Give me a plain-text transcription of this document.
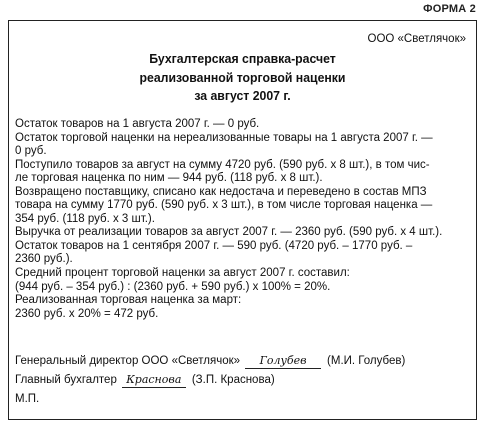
ФОРМА 2
ООО «Светлячок»
Бухгалтерская справка-расчет
реализованной торговой наценки
за август 2007 г.
Остаток товаров на 1 августа 2007 г. — 0 руб.
Остаток торговой наценки на нереализованные товары на 1 августа 2007 г. —
0 руб.
Поступило товаров за август на сумму 4720 руб. (590 руб. х 8 шт.), в том чис-
ле торговая наценка по ним — 944 руб. (118 руб. х 8 шт.).
Возвращено поставщику, списано как недостача и переведено в состав МПЗ
товара на сумму 1770 руб. (590 руб. х 3 шт.), в том числе торговая наценка —
354 руб. (118 руб. х 3 шт.).
Выручка от реализации товаров за август 2007 г. — 2360 руб. (590 руб. х 4 шт.).
Остаток товаров на 1 сентября 2007 г. — 590 руб. (4720 руб. – 1770 руб. –
2360 руб.).
Средний процент торговой наценки за август 2007 г. составил:
(944 руб. – 354 руб.) : (2360 руб. + 590 руб.) х 100% = 20%.
Реализованная торговая наценка за март:
2360 руб. х 20% = 472 руб.
Генеральный директор ООО «Светлячок» Голубев (М.И. Голубев)
Главный бухгалтер Краснова (З.П. Краснова)
М.П.
